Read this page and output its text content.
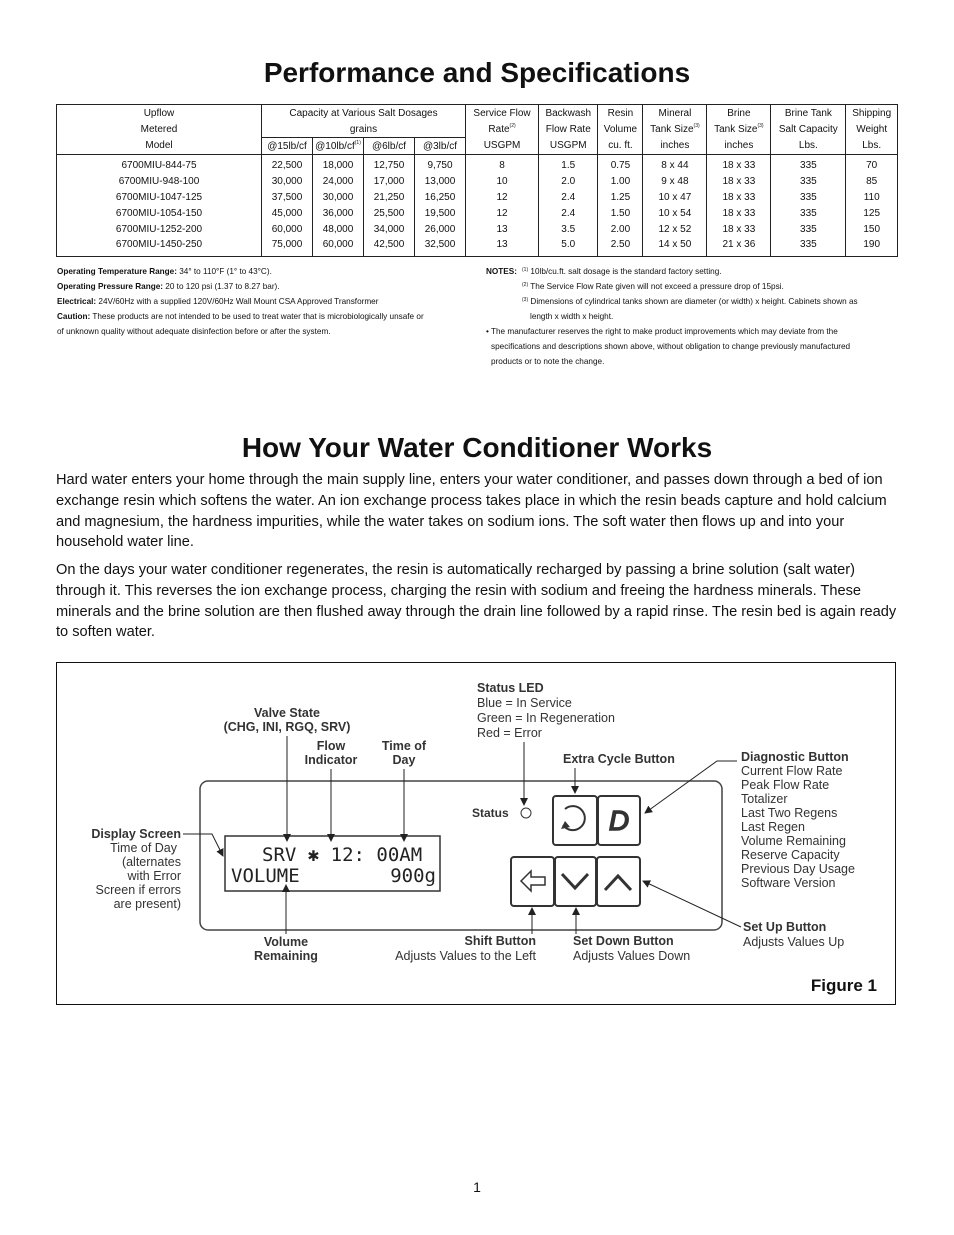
Performance and Specifications
Upflow	Capacity at Various Salt Dosages				Service Flow	Backwash	Resin	Mineral	Brine	Brine Tank	Shipping
Metered	grains				Rate$^{(2)}$	Flow Rate	Volume	Tank Size$^{(3)}$	Tank Size$^{(3)}$	Salt Capacity	Weight
Model	@15lb/cf	$@10lb/cf^{(1)}$	@6lb/cf	@3lb/cf	USGPM	USGPM	cu. ft.	inches	inches	Lbs.	Lbs.
6700MIU-844-75	22,500	18,000	12,750	9,750	8	1.5	0.75	8 x 44	18 x 33	335	70
6700MIU-948-100	30,000	24,000	17,000	13,000	10	2.0	1.00	9 x 48	18 x 33	335	85
6700MIU-1047-125	37,500	30,000	21,250	16,250	12	2.4	1.25	10 x 47	18 x 33	335	110
6700MIU-1054-150	45,000	36,000	25,500	19,500	12	2.4	1.50	10 x 54	18 x 33	335	125
6700MIU-1252-200	60,000	48,000	34,000	26,000	13	3.5	2.00	12 x 52	18 x 33	335	150
6700MIU-1450-250	75,000	60,000	42,500	32,500	13	5.0	2.50	14 x 50	21 x 36	335	190
Operating Temperature Range: 34° to 110°F (1° to 43°C).
Operating Pressure Range: 20 to 120 psi (1.37 to 8.27 bar).
Electrical: 24V/60Hz with a supplied 120V/60Hz Wall Mount CSA Approved Transformer
Caution: These products are not intended to be used to treat water that is microbiologically unsafe or
of unknown quality without adequate disinfection before or after the system.
NOTES:	$^{(1)}$ 10lb/cu.ft. salt dosage is the standard factory setting.
$^{(2)}$ The Service Flow Rate given will not exceed a pressure drop of 15psi.
$^{(3)}$ Dimensions of cylindrical tanks shown are diameter (or width) x height. Cabinets shown as
length x width x height.
• The manufacturer reserves the right to make product improvements which may deviate from the
specifications and descriptions shown above, without obligation to change previously manufactured
products or to note the change.
How Your Water Conditioner Works

Hard water enters your home through the main supply line, enters your water conditioner, and passes down through a bed of ion exchange resin which softens the water. An ion exchange process takes place in which the resin beads capture and hold calcium and magnesium, the hardness impurities, while the water takes on sodium ions. The soft water then flows up and into your household water line.

On the days your water conditioner regenerates, the resin is automatically recharged by passing a brine solution (salt water) through it. This reverses the ion exchange process, charging the resin with sodium and freeing the hardness minerals. These minerals and the brine solution are then flushed away through the drain line followed by a rapid rinse. The resin bed is again ready to soften water.

SRV ✱ 12: 00AM
VOLUME	900g
Status	D
Status LED
Blue = In Service
Green = In Regeneration
Red = Error
Valve State
(CHG, INI, RGQ, SRV)
Flow
Indicator
Time of
Day	Extra Cycle Button	Diagnostic Button
Current Flow Rate
Peak Flow Rate
Totalizer
Last Two Regens
Last Regen
Volume Remaining
Reserve Capacity
Previous Day Usage
Software Version
Display Screen
Time of Day
(alternates
with Error
Screen if errors
are present)
Volume
Remaining
Shift Button
Adjusts Values to the Left
Set Down Button
Adjusts Values Down
Set Up Button
Adjusts Values Up
Figure 1
1
